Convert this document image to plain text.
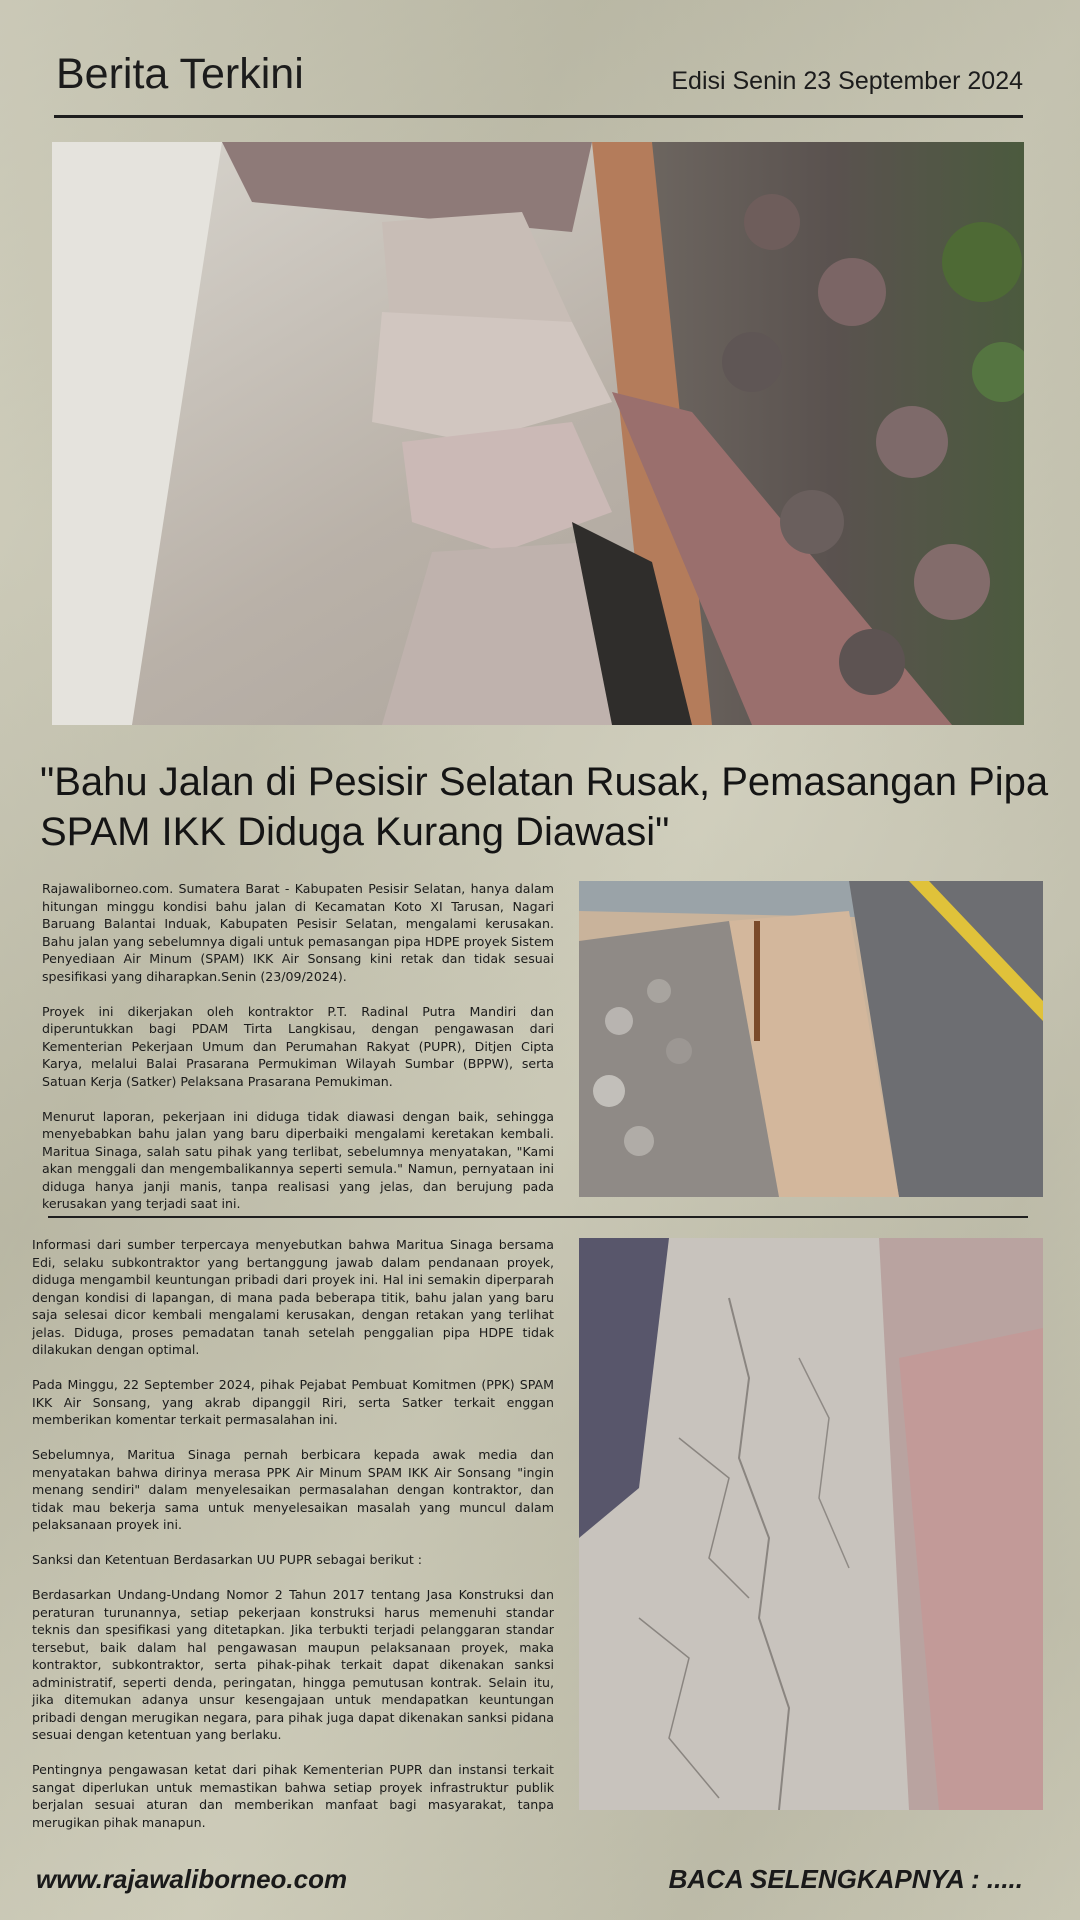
Berita Terkini	Edisi Senin 23 September 2024
"Bahu Jalan di Pesisir Selatan Rusak, Pemasangan Pipa SPAM IKK Diduga Kurang Diawasi"

Rajawaliborneo.com. Sumatera Barat - Kabupaten Pesisir Selatan, hanya dalam hitungan minggu kondisi bahu jalan di Kecamatan Koto XI Tarusan, Nagari Baruang Balantai Induak, Kabupaten Pesisir Selatan, mengalami kerusakan. Bahu jalan yang sebelumnya digali untuk pemasangan pipa HDPE proyek Sistem Penyediaan Air Minum (SPAM) IKK Air Sonsang kini retak dan tidak sesuai spesifikasi yang diharapkan.Senin (23/09/2024).

Proyek ini dikerjakan oleh kontraktor P.T. Radinal Putra Mandiri dan diperuntukkan bagi PDAM Tirta Langkisau, dengan pengawasan dari Kementerian Pekerjaan Umum dan Perumahan Rakyat (PUPR), Ditjen Cipta Karya, melalui Balai Prasarana Permukiman Wilayah Sumbar (BPPW), serta Satuan Kerja (Satker) Pelaksana Prasarana Pemukiman.

Menurut laporan, pekerjaan ini diduga tidak diawasi dengan baik, sehingga menyebabkan bahu jalan yang baru diperbaiki mengalami keretakan kembali. Maritua Sinaga, salah satu pihak yang terlibat, sebelumnya menyatakan, "Kami akan menggali dan mengembalikannya seperti semula." Namun, pernyataan ini diduga hanya janji manis, tanpa realisasi yang jelas, dan berujung pada kerusakan yang terjadi saat ini.

Informasi dari sumber terpercaya menyebutkan bahwa Maritua Sinaga bersama Edi, selaku subkontraktor yang bertanggung jawab dalam pendanaan proyek, diduga mengambil keuntungan pribadi dari proyek ini. Hal ini semakin diperparah dengan kondisi di lapangan, di mana pada beberapa titik, bahu jalan yang baru saja selesai dicor kembali mengalami kerusakan, dengan retakan yang terlihat jelas. Diduga, proses pemadatan tanah setelah penggalian pipa HDPE tidak dilakukan dengan optimal.

Pada Minggu, 22 September 2024, pihak Pejabat Pembuat Komitmen (PPK) SPAM IKK Air Sonsang, yang akrab dipanggil Riri, serta Satker terkait enggan memberikan komentar terkait permasalahan ini.

Sebelumnya, Maritua Sinaga pernah berbicara kepada awak media dan menyatakan bahwa dirinya merasa PPK Air Minum SPAM IKK Air Sonsang "ingin menang sendiri" dalam menyelesaikan permasalahan dengan kontraktor, dan tidak mau bekerja sama untuk menyelesaikan masalah yang muncul dalam pelaksanaan proyek ini.

Sanksi dan Ketentuan Berdasarkan UU PUPR sebagai berikut :

Berdasarkan Undang-Undang Nomor 2 Tahun 2017 tentang Jasa Konstruksi dan peraturan turunannya, setiap pekerjaan konstruksi harus memenuhi standar teknis dan spesifikasi yang ditetapkan. Jika terbukti terjadi pelanggaran standar tersebut, baik dalam hal pengawasan maupun pelaksanaan proyek, maka kontraktor, subkontraktor, serta pihak-pihak terkait dapat dikenakan sanksi administratif, seperti denda, peringatan, hingga pemutusan kontrak. Selain itu, jika ditemukan adanya unsur kesengajaan untuk mendapatkan keuntungan pribadi dengan merugikan negara, para pihak juga dapat dikenakan sanksi pidana sesuai dengan ketentuan yang berlaku.

Pentingnya pengawasan ketat dari pihak Kementerian PUPR dan instansi terkait sangat diperlukan untuk memastikan bahwa setiap proyek infrastruktur publik berjalan sesuai aturan dan memberikan manfaat bagi masyarakat, tanpa merugikan pihak manapun.

www.rajawaliborneo.com	BACA SELENGKAPNYA : .....
